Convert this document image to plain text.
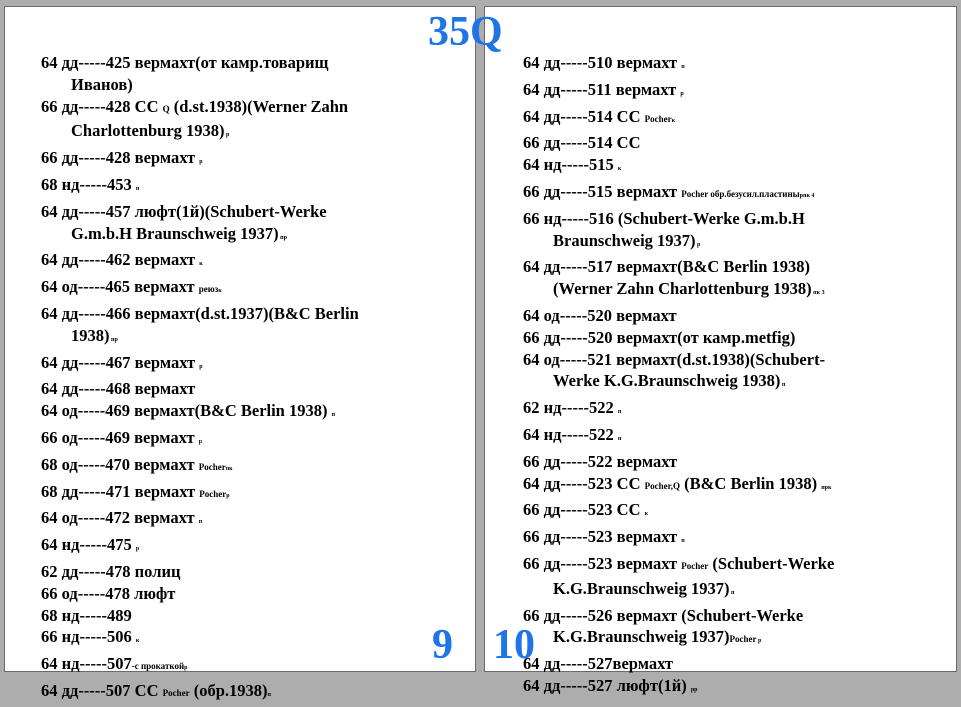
64 дд-----425 вермахт(от камр.товарищ
Иванов)
66 дд-----428 СС Q (d.st.1938)(Werner Zahn
Charlottenburg 1938) р
66 дд-----428 вермахт р
68 нд-----453 п
64 дд-----457 люфт(1й)(Schubert-Werke
G.m.b.H Braunschweig 1937) пр
64 дд-----462 вермахт к
64 од-----465 вермахт реюзк
64 дд-----466 вермахт(d.st.1937)(B&C Berlin
1938) пр
64 дд-----467 вермахт р
64 дд-----468 вермахт
64 од-----469 вермахт(B&C Berlin 1938) п
66 од-----469 вермахт р
68 од-----470 вермахт Pocherпк
68 дд-----471 вермахт Pocherр
64 од-----472 вермахт п
64 нд-----475 р
62 дд-----478 полиц
66 од-----478 люфт
68 нд-----489
66 нд-----506 к
64 нд-----507-с прокаткойр
64 дд-----507 СС Pocher (обр.1938)п
9
64 дд-----510 вермахт п
64 дд-----511 вермахт р
64 дд-----514 СС Pocherк
66 дд-----514 СС
64 нд-----515 к
66 дд-----515 вермахт Pocher обр.безусил.пластинырпк 4
66 нд-----516 (Schubert-Werke G.m.b.H
Braunschweig 1937) р
64 дд-----517 вермахт(B&C Berlin 1938)
(Werner Zahn Charlottenburg 1938) пк 3
64 од-----520 вермахт
66 дд-----520 вермахт(от камр.metfig)
64 од-----521 вермахт(d.st.1938)(Schubert-
Werke K.G.Braunschweig 1938) п
62 нд-----522 п
64 нд-----522 п
66 дд-----522 вермахт
64 дд-----523 СС Pocher,Q (B&C Berlin 1938) прк
66 дд-----523 СС к
66 дд-----523 вермахт п
66 дд-----523 вермахт Pocher (Schubert-Werke
K.G.Braunschweig 1937) п
66 дд-----526 вермахт (Schubert-Werke
K.G.Braunschweig 1937)Pocher р
64 дд-----527вермахт
64 дд-----527 люфт(1й) рр
10
35Q
